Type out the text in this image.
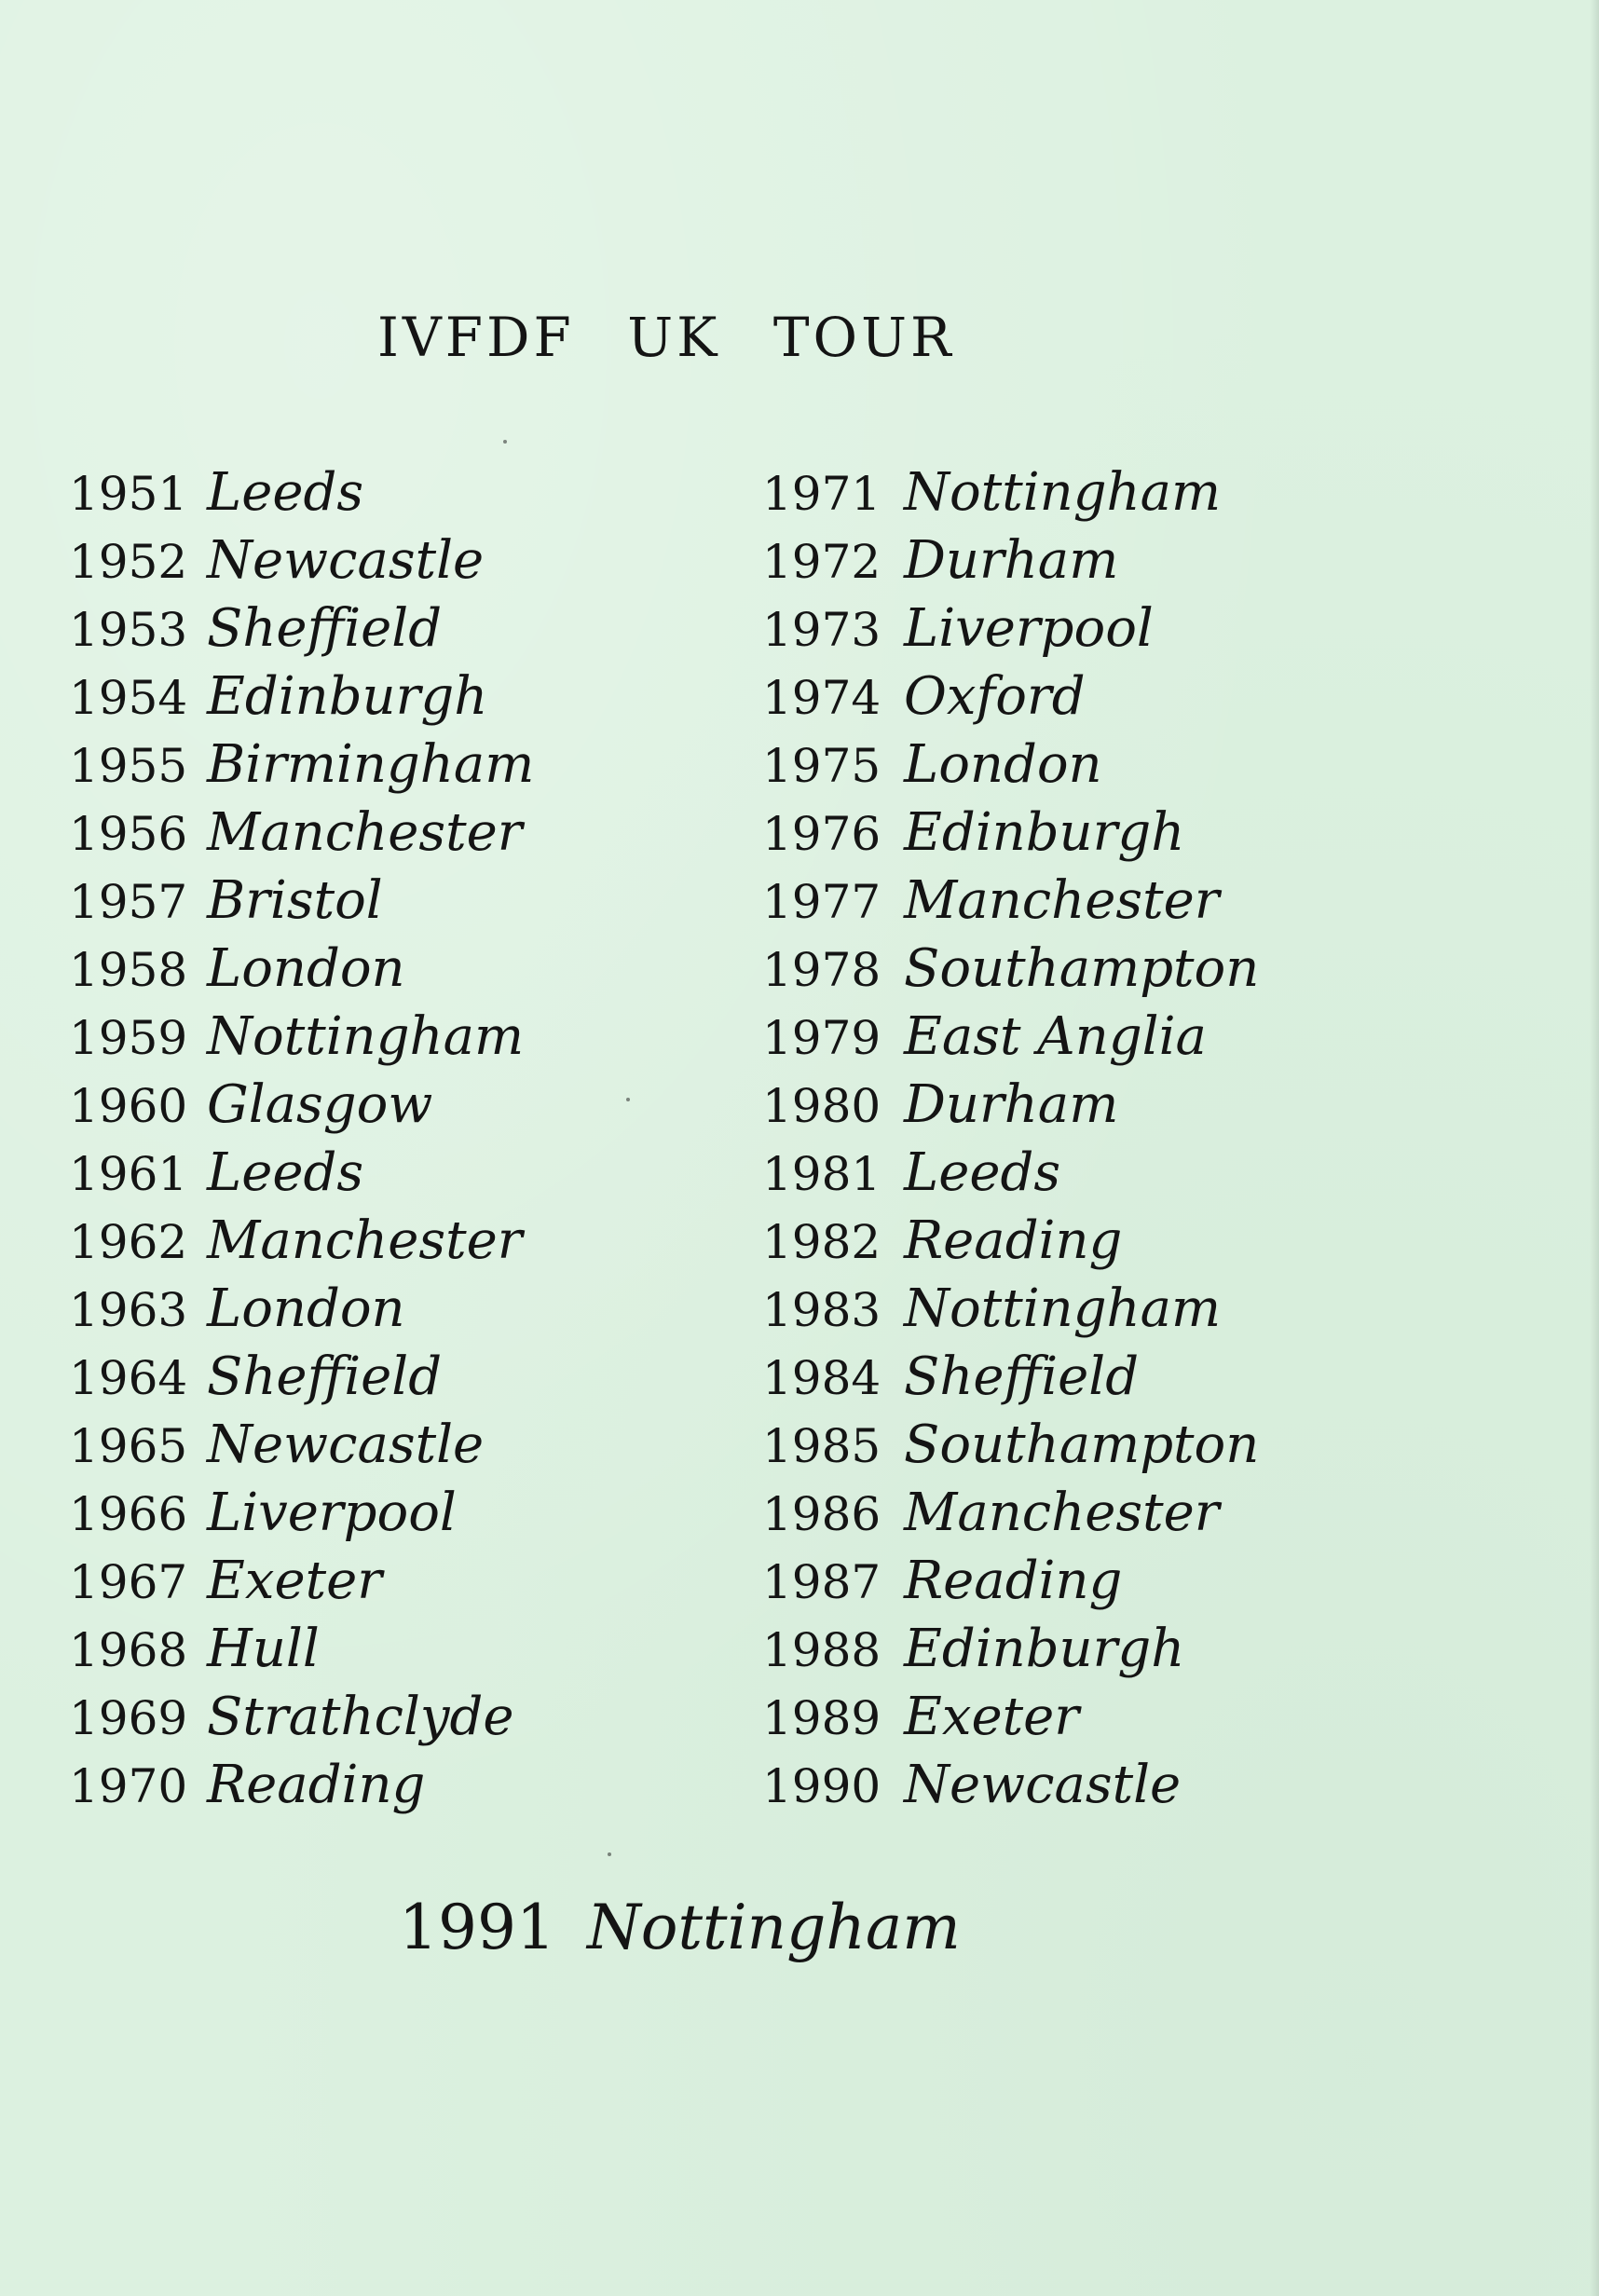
IVFDF UK TOUR
1951 Leeds
1952 Newcastle
1953 Sheffield
1954 Edinburgh
1955 Birmingham
1956 Manchester
1957 Bristol
1958 London
1959 Nottingham
1960 Glasgow
1961 Leeds
1962 Manchester
1963 London
1964 Sheffield
1965 Newcastle
1966 Liverpool
1967 Exeter
1968 Hull
1969 Strathclyde
1970 Reading
1971 Nottingham
1972 Durham
1973 Liverpool
1974 Oxford
1975 London
1976 Edinburgh
1977 Manchester
1978 Southampton
1979 East Anglia
1980 Durham
1981 Leeds
1982 Reading
1983 Nottingham
1984 Sheffield
1985 Southampton
1986 Manchester
1987 Reading
1988 Edinburgh
1989 Exeter
1990 Newcastle
1991 Nottingham
